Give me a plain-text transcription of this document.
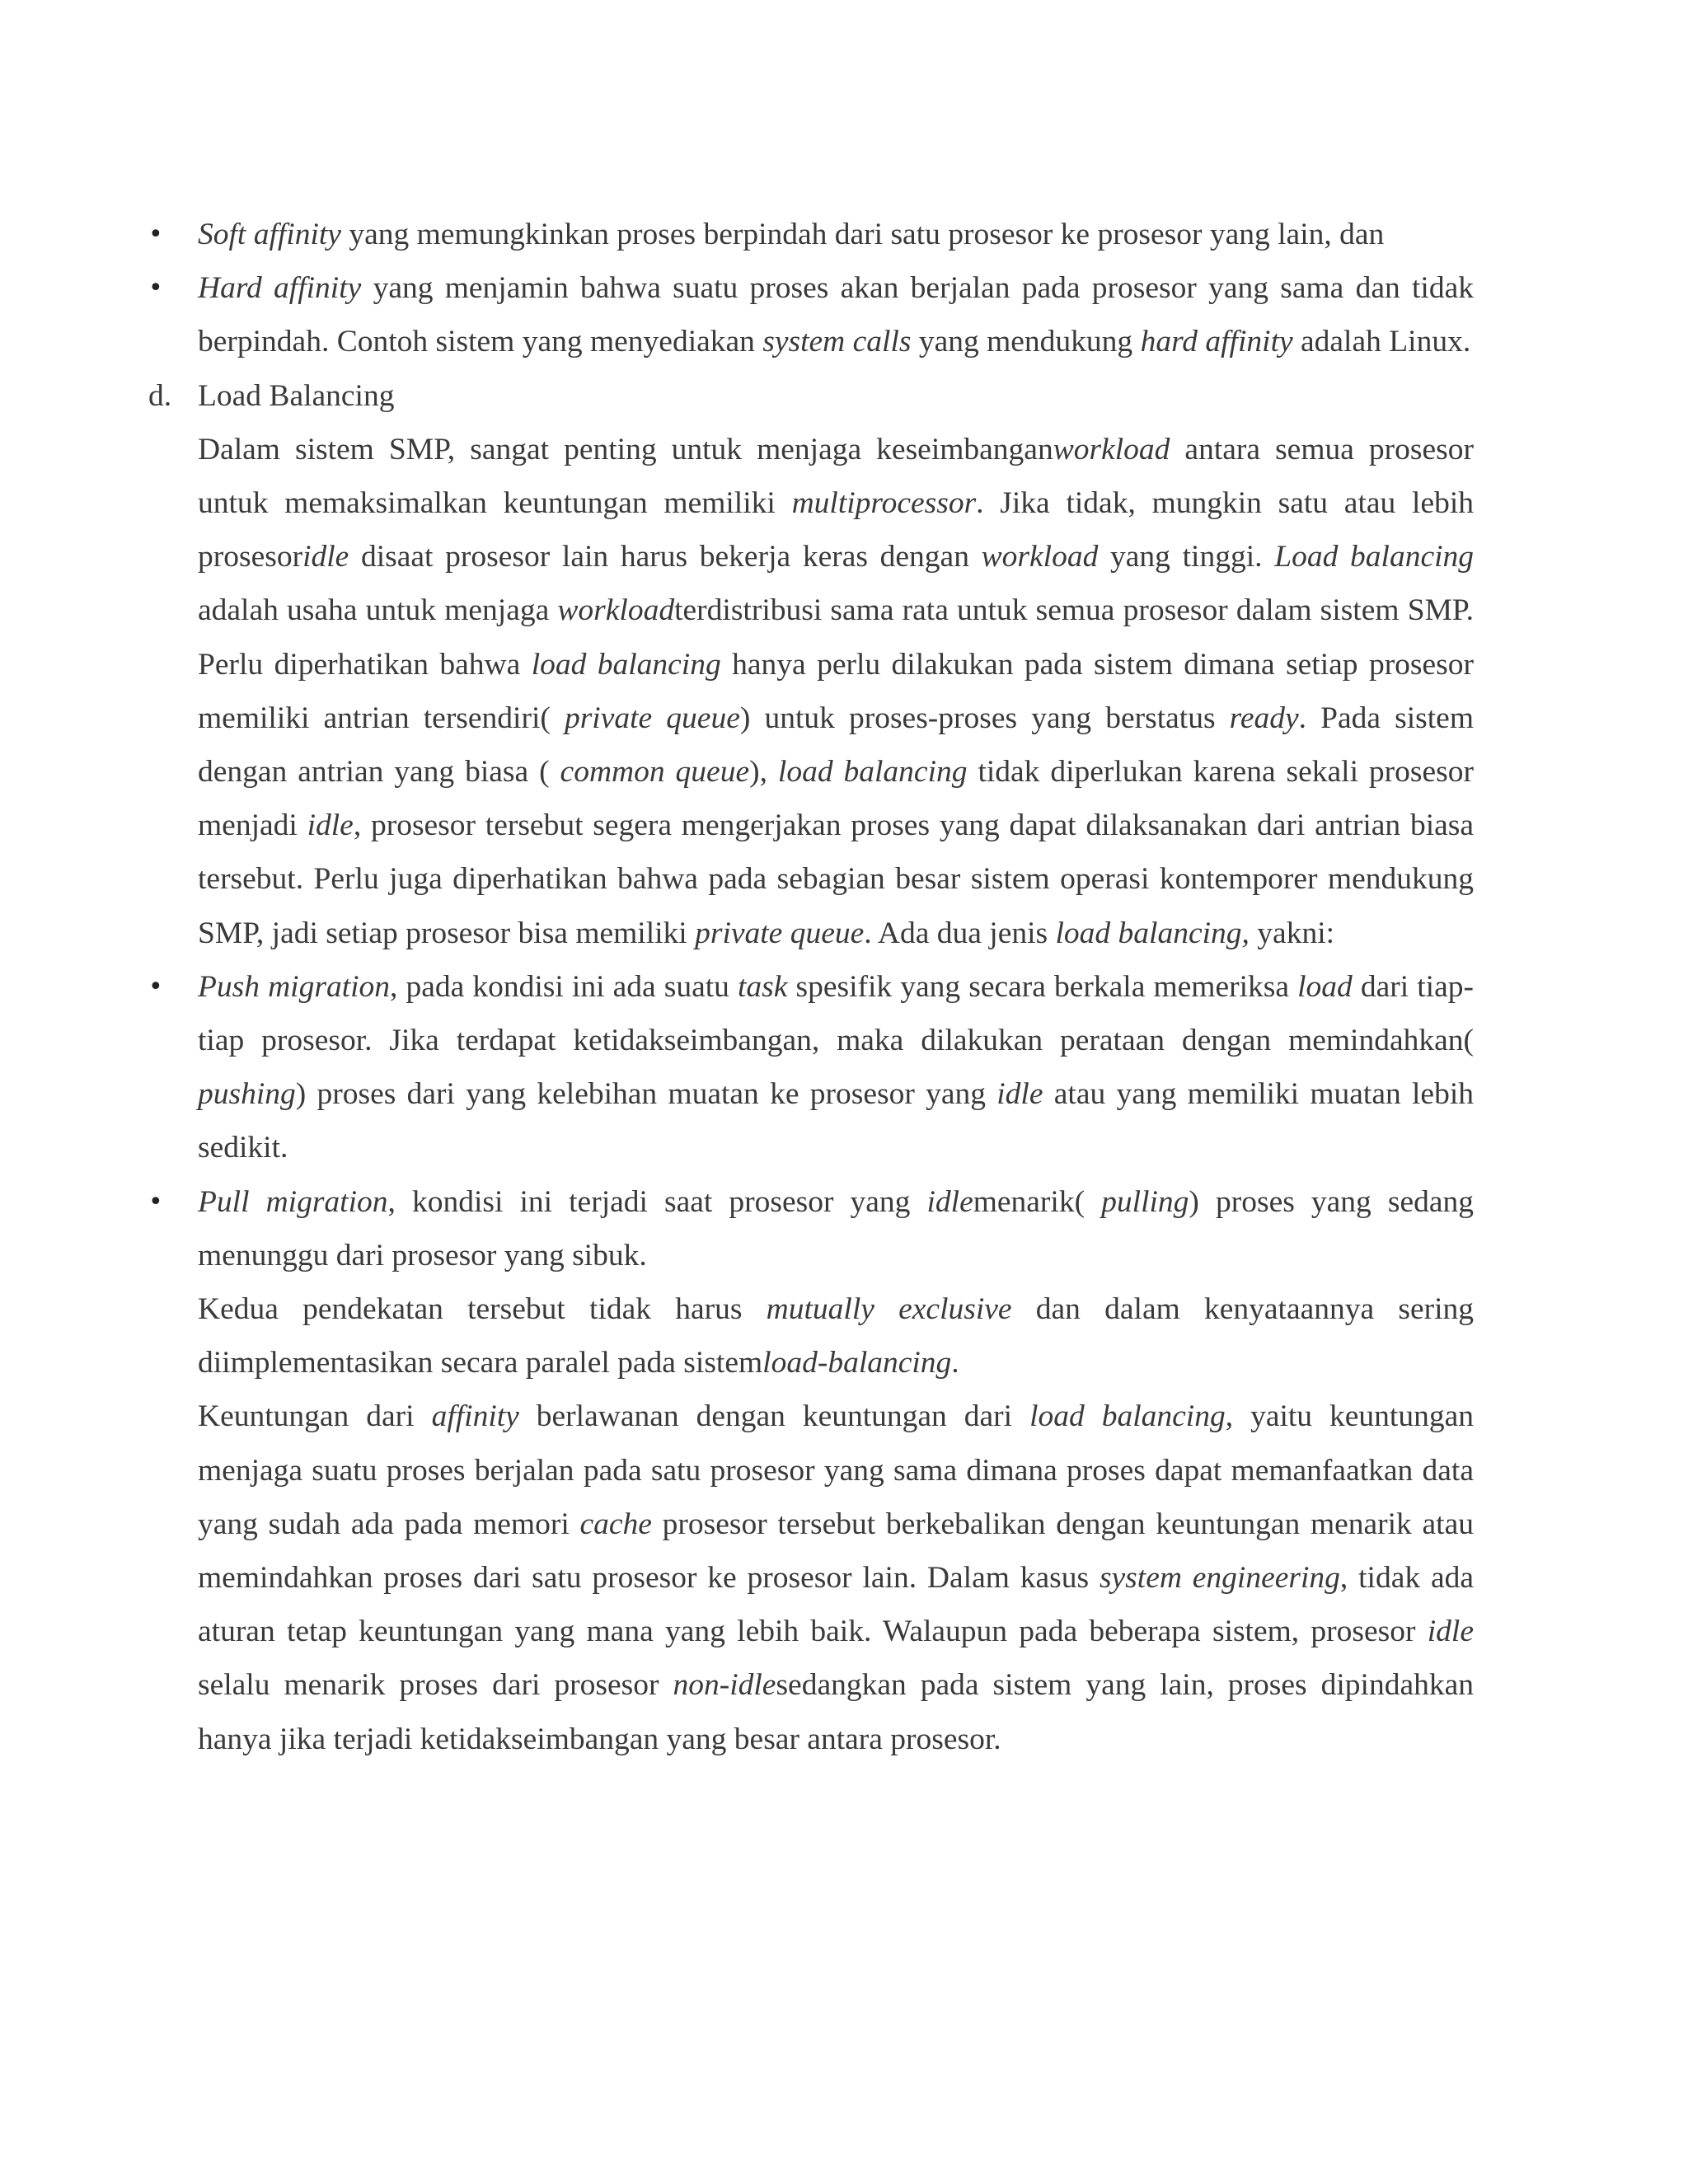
• Soft affinity yang memungkinkan proses berpindah dari satu prosesor ke prosesor yang lain, dan

• Hard affinity yang menjamin bahwa suatu proses akan berjalan pada prosesor yang sama dan tidak berpindah. Contoh sistem yang menyediakan system calls yang mendukung hard affinity adalah Linux.

d. Load Balancing

Dalam sistem SMP, sangat penting untuk menjaga keseimbanganworkload antara semua prosesor untuk memaksimalkan keuntungan memiliki multiprocessor. Jika tidak, mungkin satu atau lebih prosesoridle disaat prosesor lain harus bekerja keras dengan workload yang tinggi. Load balancing adalah usaha untuk menjaga workloadterdistribusi sama rata untuk semua prosesor dalam sistem SMP. Perlu diperhatikan bahwa load balancing hanya perlu dilakukan pada sistem dimana setiap prosesor memiliki antrian tersendiri( private queue) untuk proses-proses yang berstatus ready. Pada sistem dengan antrian yang biasa ( common queue), load balancing tidak diperlukan karena sekali prosesor menjadi idle, prosesor tersebut segera mengerjakan proses yang dapat dilaksanakan dari antrian biasa tersebut. Perlu juga diperhatikan bahwa pada sebagian besar sistem operasi kontemporer mendukung SMP, jadi setiap prosesor bisa memiliki private queue. Ada dua jenis load balancing, yakni:

• Push migration, pada kondisi ini ada suatu task spesifik yang secara berkala memeriksa load dari tiap-tiap prosesor. Jika terdapat ketidakseimbangan, maka dilakukan perataan dengan memindahkan( pushing) proses dari yang kelebihan muatan ke prosesor yang idle atau yang memiliki muatan lebih sedikit.

• Pull migration, kondisi ini terjadi saat prosesor yang idlemenarik( pulling) proses yang sedang menunggu dari prosesor yang sibuk.

Kedua pendekatan tersebut tidak harus mutually exclusive dan dalam kenyataannya sering diimplementasikan secara paralel pada sistemload-balancing.

Keuntungan dari affinity berlawanan dengan keuntungan dari load balancing, yaitu keuntungan menjaga suatu proses berjalan pada satu prosesor yang sama dimana proses dapat memanfaatkan data yang sudah ada pada memori cache prosesor tersebut berkebalikan dengan keuntungan menarik atau memindahkan proses dari satu prosesor ke prosesor lain. Dalam kasus system engineering, tidak ada aturan tetap keuntungan yang mana yang lebih baik. Walaupun pada beberapa sistem, prosesor idle selalu menarik proses dari prosesor non-idlesedangkan pada sistem yang lain, proses dipindahkan hanya jika terjadi ketidakseimbangan yang besar antara prosesor.
